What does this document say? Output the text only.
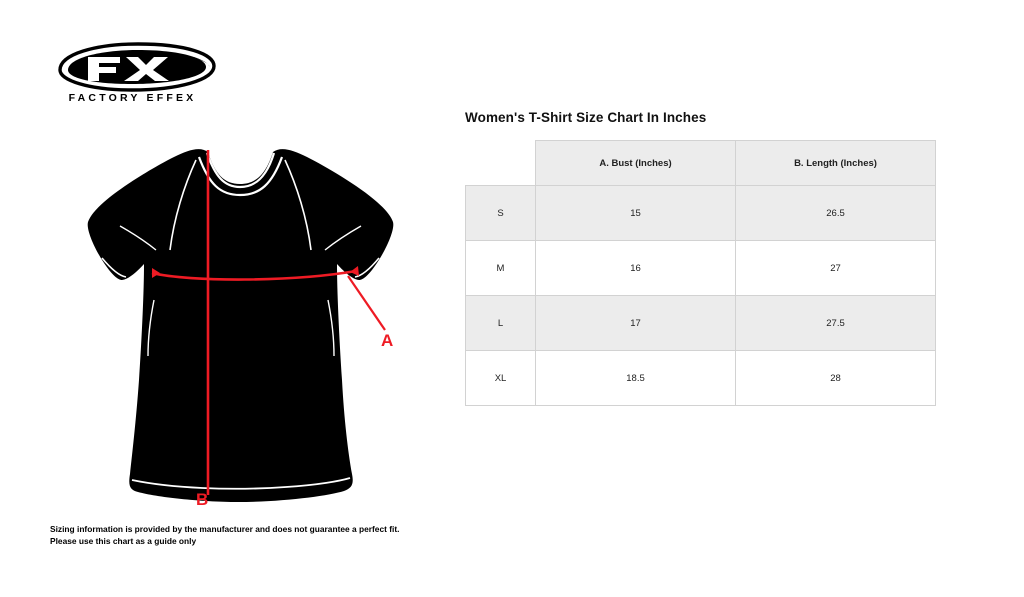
FACTORY EFFEX
A
B
Sizing information is provided by the manufacturer and does not guarantee a perfect fit.
Please use this chart as a guide only
Women's T-Shirt Size Chart In Inches
	A. Bust (Inches)	B. Length (Inches)
S	15	26.5
M	16	27
L	17	27.5
XL	18.5	28
